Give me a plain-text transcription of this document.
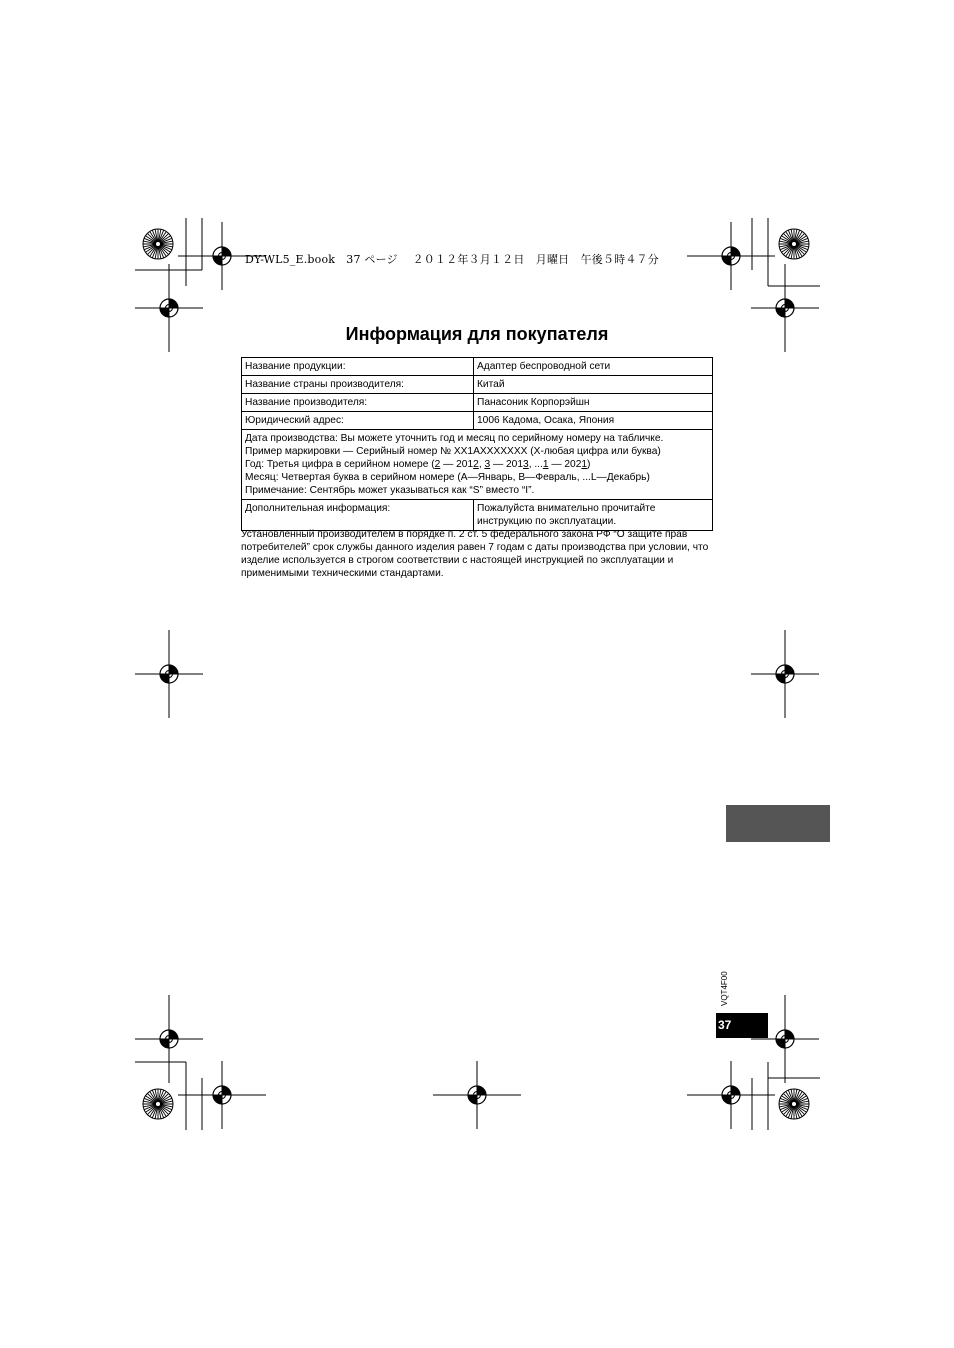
DY-WL5_E.book 37 ページ ２０１２年３月１２日　月曜日　午後５時４７分
Информация для покупателя
Название продукции:	Адаптер беспроводной сети
Название страны производителя:	Китай
Название производителя:	Панасоник Корпорэйшн
Юридический адрес:	1006 Кадома, Осака, Япония

Дата производства: Вы можете уточнить год и месяц по серийному номеру на табличке.
Пример маркировки — Серийный номер № XX1AXXXXXXX (X-любая цифра или буква)
Год: Третья цифра в серийном номере (2 — 2012, 3 — 2013, ...1 — 2021)
Месяц: Четвертая буква в серийном номере (A—Январь, B—Февраль, ...L—Декабрь)
Примечание: Сентябрь может указываться как “S” вместо “I”.	

Дополнительная информация:	Пожалуйста внимательно прочитайте
инструкцию по эксплуатации.
Установленный производителем в порядке п. 2 ст. 5 федерального закона РФ “О защите прав потребителей” срок службы данного изделия равен 7 годам с даты производства при условии, что изделие используется в строгом соответствии с настоящей инструкцией по эксплуатации и применимыми техническими стандартами.
VQT4F00
37
